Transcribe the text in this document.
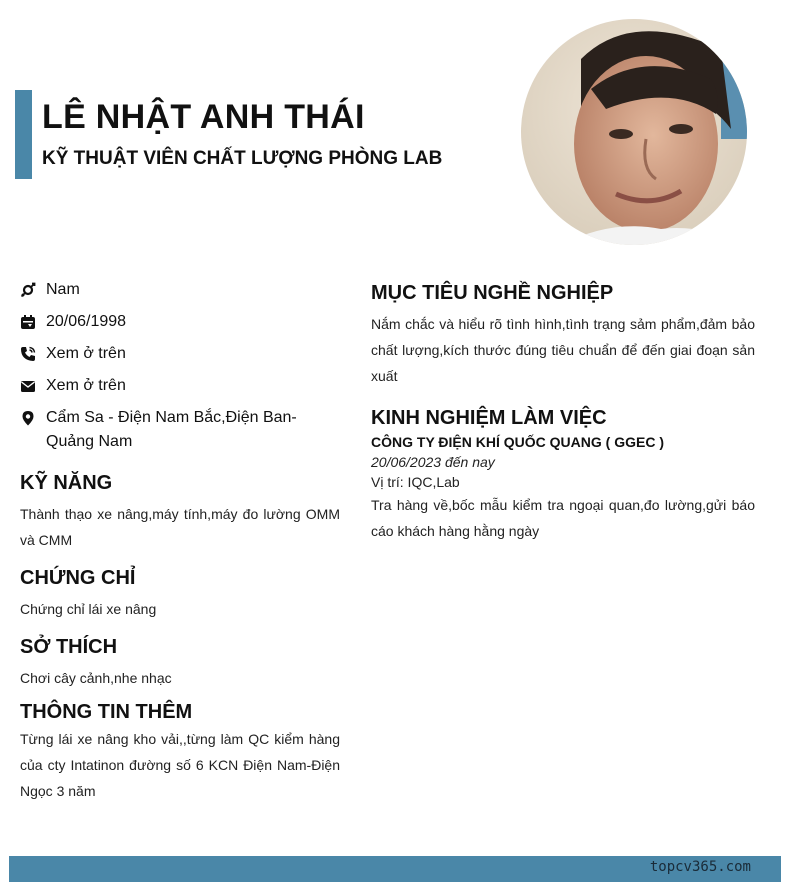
LÊ NHẬT ANH THÁI
KỸ THUẬT VIÊN CHẤT LƯỢNG PHÒNG LAB
Nam
20/06/1998
Xem ở trên
Xem ở trên
Cẩm Sa - Điện Nam Bắc,Điện Ban-Quảng Nam
KỸ NĂNG
Thành thạo xe nâng,máy tính,máy đo lường OMM và CMM
CHỨNG CHỈ
Chứng chỉ lái xe nâng
SỞ THÍCH
Chơi cây cảnh,nhe nhạc
THÔNG TIN THÊM
Từng lái xe nâng kho vải,,từng làm QC kiểm hàng của cty Intatinon đường số 6 KCN Điện Nam-Điện Ngọc 3 năm
MỤC TIÊU NGHỀ NGHIỆP
Nắm chắc và hiểu rõ tình hình,tình trạng sảm phẩm,đảm bảo chất lượng,kích thước đúng tiêu chuẩn để đến giai đoạn sản xuất
KINH NGHIỆM LÀM VIỆC
CÔNG TY ĐIỆN KHÍ QUỐC QUANG ( GGEC )
20/06/2023 đến nay
Vị trí: IQC,Lab
Tra hàng về,bốc mẫu kiểm tra ngoại quan,đo lường,gửi báo cáo khách hàng hằng ngày
topcv365.com
